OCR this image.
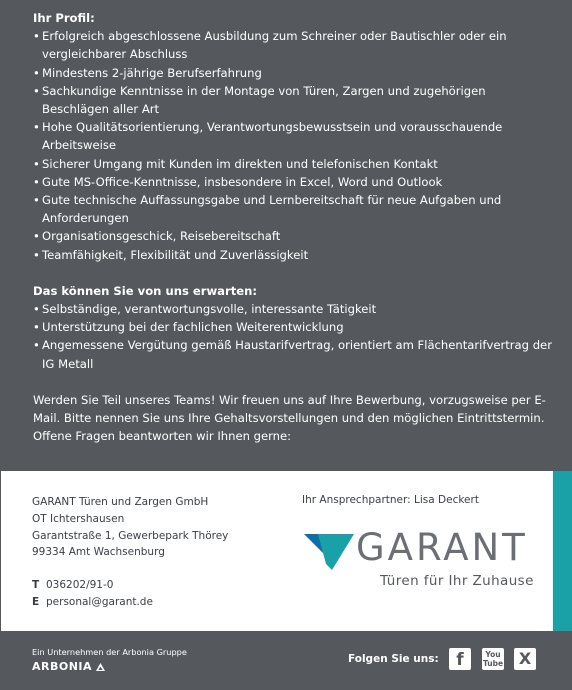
Ihr Profil:
• Erfolgreich abgeschlossene Ausbildung zum Schreiner oder Bautischler oder ein vergleichbarer Abschluss
• Mindestens 2-jährige Berufserfahrung
• Sachkundige Kenntnisse in der Montage von Türen, Zargen und zugehörigen Beschlägen aller Art
• Hohe Qualitätsorientierung, Verantwortungsbewusstsein und vorausschauende Arbeitsweise
• Sicherer Umgang mit Kunden im direkten und telefonischen Kontakt
• Gute MS-Office-Kenntnisse, insbesondere in Excel, Word und Outlook
• Gute technische Auffassungsgabe und Lernbereitschaft für neue Aufgaben und Anforderungen
• Organisationsgeschick, Reisebereitschaft
• Teamfähigkeit, Flexibilität und Zuverlässigkeit
Das können Sie von uns erwarten:
• Selbständige, verantwortungsvolle, interessante Tätigkeit
• Unterstützung bei der fachlichen Weiterentwicklung
• Angemessene Vergütung gemäß Haustarifvertrag, orientiert am Flächentarifvertrag der IG Metall
Werden Sie Teil unseres Teams! Wir freuen uns auf Ihre Bewerbung, vorzugsweise per E-Mail. Bitte nennen Sie uns Ihre Gehaltsvorstellungen und den möglichen Eintrittstermin. Offene Fragen beantworten wir Ihnen gerne:
GARANT Türen und Zargen GmbH
OT Ichtershausen
Garantstraße 1, Gewerbepark Thörey
99334 Amt Wachsenburg
T 036202/91-0
E personal@garant.de
Ihr Ansprechpartner: Lisa Deckert
GARANT
Türen für Ihr Zuhause
Ein Unternehmen der Arbonia Gruppe
ARBONIA
Folgen Sie uns:	f	You
Tube X
